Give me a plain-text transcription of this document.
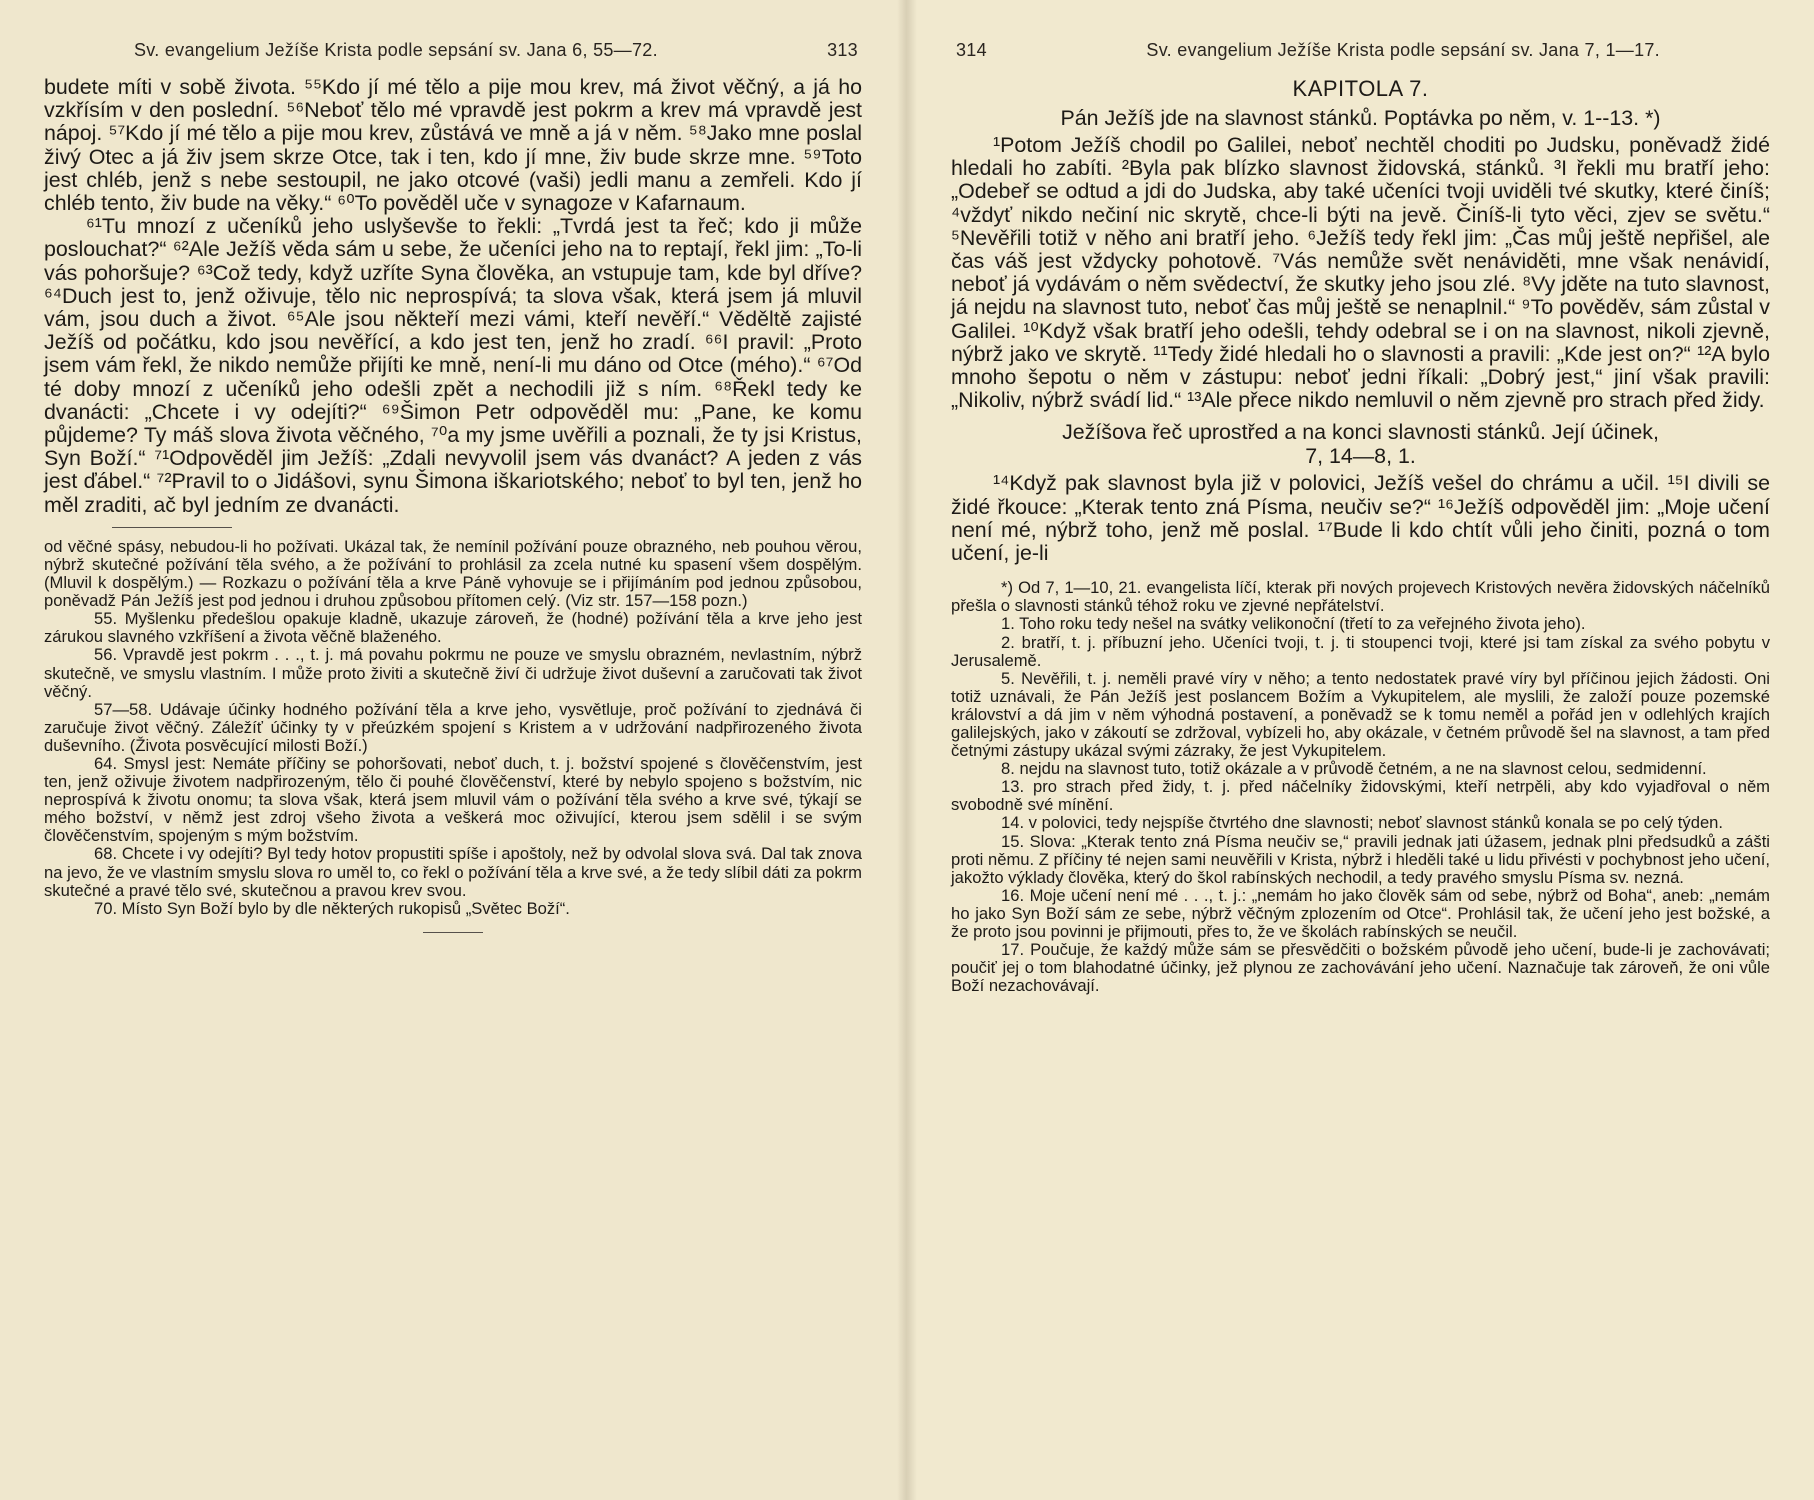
Sv. evangelium Ježíše Krista podle sepsání sv. Jana 6, 55—72.	313

budete míti v sobě života. ⁵⁵Kdo jí mé tělo a pije mou krev, má život věčný, a já ho vzkřísím v den poslední. ⁵⁶Neboť tělo mé vpravdě jest pokrm a krev má vpravdě jest nápoj. ⁵⁷Kdo jí mé tělo a pije mou krev, zůstává ve mně a já v něm. ⁵⁸Jako mne poslal živý Otec a já živ jsem skrze Otce, tak i ten, kdo jí mne, živ bude skrze mne. ⁵⁹Toto jest chléb, jenž s nebe sestoupil, ne jako otcové (vaši) jedli manu a zemřeli. Kdo jí chléb tento, živ bude na věky.“ ⁶⁰To pověděl uče v synagoze v Kafarnaum.

⁶¹Tu mnozí z učeníků jeho uslyševše to řekli: „Tvrdá jest ta řeč; kdo ji může poslouchat?“ ⁶²Ale Ježíš věda sám u sebe, že učeníci jeho na to reptají, řekl jim: „To-li vás pohoršuje? ⁶³Což tedy, když uzříte Syna člověka, an vstupuje tam, kde byl dříve? ⁶⁴Duch jest to, jenž oživuje, tělo nic neprospívá; ta slova však, která jsem já mluvil vám, jsou duch a život. ⁶⁵Ale jsou někteří mezi vámi, kteří nevěří.“ Věděltě zajisté Ježíš od počátku, kdo jsou nevěřící, a kdo jest ten, jenž ho zradí. ⁶⁶I pravil: „Proto jsem vám řekl, že nikdo nemůže přijíti ke mně, není-li mu dáno od Otce (mého).“ ⁶⁷Od té doby mnozí z učeníků jeho odešli zpět a nechodili již s ním. ⁶⁸Řekl tedy ke dvanácti: „Chcete i vy odejíti?“ ⁶⁹Šimon Petr odpověděl mu: „Pane, ke komu půjdeme? Ty máš slova života věčného, ⁷⁰a my jsme uvěřili a poznali, že ty jsi Kristus, Syn Boží.“ ⁷¹Odpověděl jim Ježíš: „Zdali nevyvolil jsem vás dvanáct? A jeden z vás jest ďábel.“ ⁷²Pravil to o Jidášovi, synu Šimona iškariotského; neboť to byl ten, jenž ho měl zraditi, ač byl jedním ze dvanácti.

od věčné spásy, nebudou-li ho požívati. Ukázal tak, že nemínil požívání pouze obrazného, neb pouhou věrou, nýbrž skutečné požívání těla svého, a že požívání to prohlásil za zcela nutné ku spasení všem dospělým. (Mluvil k dospělým.) — Rozkazu o požívání těla a krve Páně vyhovuje se i přijímáním pod jednou způsobou, poněvadž Pán Ježíš jest pod jednou i druhou způsobou přítomen celý. (Viz str. 157—158 pozn.)

55. Myšlenku předešlou opakuje kladně, ukazuje zároveň, že (hodné) požívání těla a krve jeho jest zárukou slavného vzkříšení a života věčně blaženého.

56. Vpravdě jest pokrm . . ., t. j. má povahu pokrmu ne pouze ve smyslu obrazném, nevlastním, nýbrž skutečně, ve smyslu vlastním. I může proto živiti a skutečně živí či udržuje život duševní a zaručovati tak život věčný.

57—58. Udávaje účinky hodného požívání těla a krve jeho, vysvětluje, proč požívání to zjednává či zaručuje život věčný. Záležíť účinky ty v přeúzkém spojení s Kristem a v udržování nadpřirozeného života duševního. (Života posvěcující milosti Boží.)

64. Smysl jest: Nemáte příčiny se pohoršovati, neboť duch, t. j. božství spojené s člověčenstvím, jest ten, jenž oživuje životem nadpřirozeným, tělo či pouhé člověčenství, které by nebylo spojeno s božstvím, nic neprospívá k životu onomu; ta slova však, která jsem mluvil vám o požívání těla svého a krve své, týkají se mého božství, v němž jest zdroj všeho života a veškerá moc oživující, kterou jsem sdělil i se svým člověčenstvím, spojeným s mým božstvím.

68. Chcete i vy odejíti? Byl tedy hotov propustiti spíše i apoštoly, než by odvolal slova svá. Dal tak znova na jevo, že ve vlastním smyslu slova ro uměl to, co řekl o požívání těla a krve své, a že tedy slíbil dáti za pokrm skutečné a pravé tělo své, skutečnou a pravou krev svou.

70. Místo Syn Boží bylo by dle některých rukopisů „Světec Boží“.

314	Sv. evangelium Ježíše Krista podle sepsání sv. Jana 7, 1—17.
KAPITOLA 7.
Pán Ježíš jde na slavnost stánků. Poptávka po něm, v. 1--13. *)

¹Potom Ježíš chodil po Galilei, neboť nechtěl choditi po Judsku, poněvadž židé hledali ho zabíti. ²Byla pak blízko slavnost židovská, stánků. ³I řekli mu bratří jeho: „Odebeř se odtud a jdi do Judska, aby také učeníci tvoji uviděli tvé skutky, které činíš; ⁴vždyť nikdo nečiní nic skrytě, chce-li býti na jevě. Činíš-li tyto věci, zjev se světu.“ ⁵Nevěřili totiž v něho ani bratří jeho. ⁶Ježíš tedy řekl jim: „Čas můj ještě nepřišel, ale čas váš jest vždycky pohotově. ⁷Vás nemůže svět nenáviděti, mne však nenávidí, neboť já vydávám o něm svědectví, že skutky jeho jsou zlé. ⁸Vy jděte na tuto slavnost, já nejdu na slavnost tuto, neboť čas můj ještě se nenaplnil.“ ⁹To pověděv, sám zůstal v Galilei. ¹⁰Když však bratří jeho odešli, tehdy odebral se i on na slavnost, nikoli zjevně, nýbrž jako ve skrytě. ¹¹Tedy židé hledali ho o slavnosti a pravili: „Kde jest on?“ ¹²A bylo mnoho šepotu o něm v zástupu: neboť jedni říkali: „Dobrý jest,“ jiní však pravili: „Nikoliv, nýbrž svádí lid.“ ¹³Ale přece nikdo nemluvil o něm zjevně pro strach před židy.

Ježíšova řeč uprostřed a na konci slavnosti stánků. Její účinek,
7, 14—8, 1.

¹⁴Když pak slavnost byla již v polovici, Ježíš vešel do chrámu a učil. ¹⁵I divili se židé řkouce: „Kterak tento zná Písma, neučiv se?“ ¹⁶Ježíš odpověděl jim: „Moje učení není mé, nýbrž toho, jenž mě poslal. ¹⁷Bude li kdo chtít vůli jeho činiti, pozná o tom učení, je-li

*) Od 7, 1—10, 21. evangelista líčí, kterak při nových projevech Kristových nevěra židovských náčelníků přešla o slavnosti stánků téhož roku ve zjevné nepřátelství.

1. Toho roku tedy nešel na svátky velikonoční (třetí to za veřejného života jeho).

2. bratří, t. j. příbuzní jeho. Učeníci tvoji, t. j. ti stoupenci tvoji, které jsi tam získal za svého pobytu v Jerusalemě.

5. Nevěřili, t. j. neměli pravé víry v něho; a tento nedostatek pravé víry byl příčinou jejich žádosti. Oni totiž uznávali, že Pán Ježíš jest poslancem Božím a Vykupitelem, ale myslili, že založí pouze pozemské království a dá jim v něm výhodná postavení, a poněvadž se k tomu neměl a pořád jen v odlehlých krajích galilejských, jako v zákoutí se zdržoval, vybízeli ho, aby okázale, v četném průvodě šel na slavnost, a tam před četnými zástupy ukázal svými zázraky, že jest Vykupitelem.

8. nejdu na slavnost tuto, totiž okázale a v průvodě četném, a ne na slavnost celou, sedmidenní.

13. pro strach před židy, t. j. před náčelníky židovskými, kteří netrpěli, aby kdo vyjadřoval o něm svobodně své mínění.

14. v polovici, tedy nejspíše čtvrtého dne slavnosti; neboť slavnost stánků konala se po celý týden.

15. Slova: „Kterak tento zná Písma neučiv se,“ pravili jednak jati úžasem, jednak plni předsudků a zášti proti němu. Z příčiny té nejen sami neuvěřili v Krista, nýbrž i hleděli také u lidu přivésti v pochybnost jeho učení, jakožto výklady člověka, který do škol rabínských nechodil, a tedy pravého smyslu Písma sv. nezná.

16. Moje učení není mé . . ., t. j.: „nemám ho jako člověk sám od sebe, nýbrž od Boha“, aneb: „nemám ho jako Syn Boží sám ze sebe, nýbrž věčným zplozením od Otce“. Prohlásil tak, že učení jeho jest božské, a že proto jsou povinni je přijmouti, přes to, že ve školách rabínských se neučil.

17. Poučuje, že každý může sám se přesvědčiti o božském původě jeho učení, bude-li je zachovávati; poučiť jej o tom blahodatné účinky, jež plynou ze zachovávání jeho učení. Naznačuje tak zároveň, že oni vůle Boží nezachovávají.
